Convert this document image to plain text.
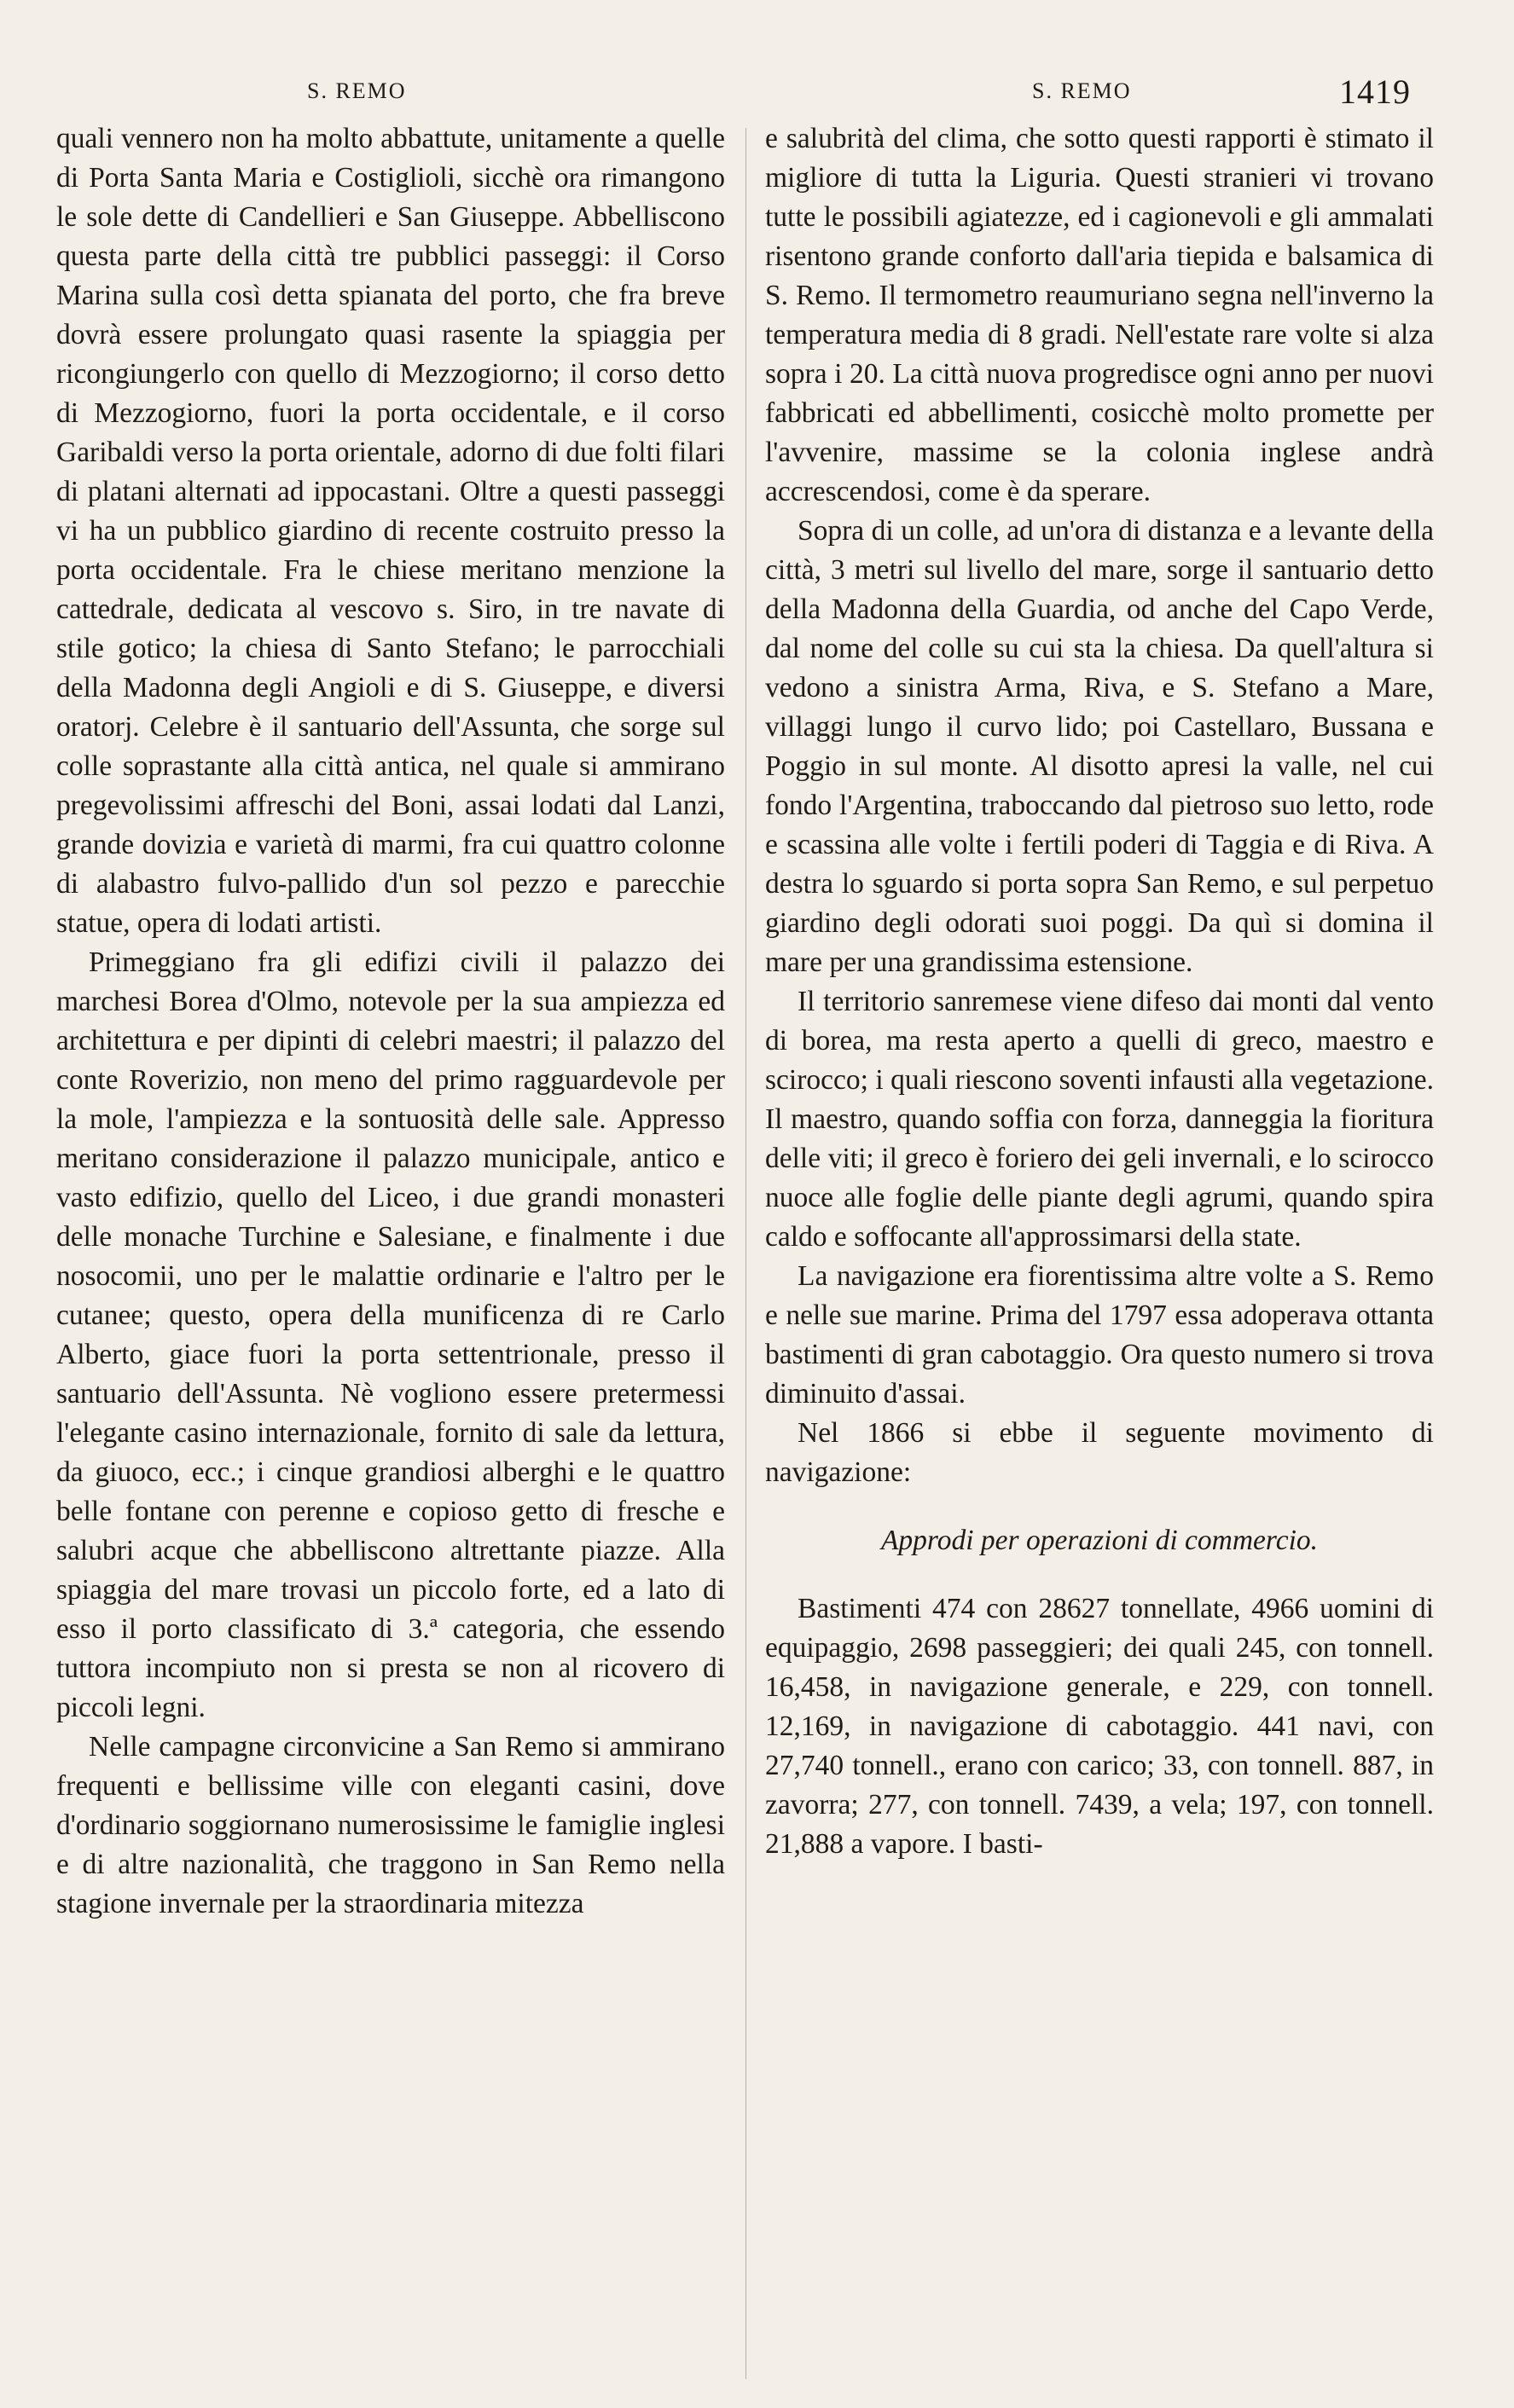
S. REMO	S. REMO	1419

quali vennero non ha molto abbattute, unitamente a quelle di Porta Santa Maria e Costiglioli, sicchè ora rimangono le sole dette di Candellieri e San Giuseppe. Abbelliscono questa parte della città tre pubblici passeggi: il Corso Marina sulla così detta spianata del porto, che fra breve dovrà essere prolungato quasi rasente la spiaggia per ricongiungerlo con quello di Mezzogiorno; il corso detto di Mezzogiorno, fuori la porta occidentale, e il corso Garibaldi verso la porta orientale, adorno di due folti filari di platani alternati ad ippocastani. Oltre a questi passeggi vi ha un pubblico giardino di recente costruito presso la porta occidentale. Fra le chiese meritano menzione la cattedrale, dedicata al vescovo s. Siro, in tre navate di stile gotico; la chiesa di Santo Stefano; le parrocchiali della Madonna degli Angioli e di S. Giuseppe, e diversi oratorj. Celebre è il santuario dell'Assunta, che sorge sul colle soprastante alla città antica, nel quale si ammirano pregevolissimi affreschi del Boni, assai lodati dal Lanzi, grande dovizia e varietà di marmi, fra cui quattro colonne di alabastro fulvo-pallido d'un sol pezzo e parecchie statue, opera di lodati artisti.

Primeggiano fra gli edifizi civili il palazzo dei marchesi Borea d'Olmo, notevole per la sua ampiezza ed architettura e per dipinti di celebri maestri; il palazzo del conte Roverizio, non meno del primo ragguardevole per la mole, l'ampiezza e la sontuosità delle sale. Appresso meritano considerazione il palazzo municipale, antico e vasto edifizio, quello del Liceo, i due grandi monasteri delle monache Turchine e Salesiane, e finalmente i due nosocomii, uno per le malattie ordinarie e l'altro per le cutanee; questo, opera della munificenza di re Carlo Alberto, giace fuori la porta settentrionale, presso il santuario dell'Assunta. Nè vogliono essere pretermessi l'elegante casino internazionale, fornito di sale da lettura, da giuoco, ecc.; i cinque grandiosi alberghi e le quattro belle fontane con perenne e copioso getto di fresche e salubri acque che abbelliscono altrettante piazze. Alla spiaggia del mare trovasi un piccolo forte, ed a lato di esso il porto classificato di 3.ª categoria, che essendo tuttora incompiuto non si presta se non al ricovero di piccoli legni.

Nelle campagne circonvicine a San Remo si ammirano frequenti e bellissime ville con eleganti casini, dove d'ordinario soggiornano numerosissime le famiglie inglesi e di altre nazionalità, che traggono in San Remo nella stagione invernale per la straordinaria mitezza

e salubrità del clima, che sotto questi rapporti è stimato il migliore di tutta la Liguria. Questi stranieri vi trovano tutte le possibili agiatezze, ed i cagionevoli e gli ammalati risentono grande conforto dall'aria tiepida e balsamica di S. Remo. Il termometro reaumuriano segna nell'inverno la temperatura media di 8 gradi. Nell'estate rare volte si alza sopra i 20. La città nuova progredisce ogni anno per nuovi fabbricati ed abbellimenti, cosicchè molto promette per l'avvenire, massime se la colonia inglese andrà accrescendosi, come è da sperare.

Sopra di un colle, ad un'ora di distanza e a levante della città, 3 metri sul livello del mare, sorge il santuario detto della Madonna della Guardia, od anche del Capo Verde, dal nome del colle su cui sta la chiesa. Da quell'altura si vedono a sinistra Arma, Riva, e S. Stefano a Mare, villaggi lungo il curvo lido; poi Castellaro, Bussana e Poggio in sul monte. Al disotto apresi la valle, nel cui fondo l'Argentina, traboccando dal pietroso suo letto, rode e scassina alle volte i fertili poderi di Taggia e di Riva. A destra lo sguardo si porta sopra San Remo, e sul perpetuo giardino degli odorati suoi poggi. Da quì si domina il mare per una grandissima estensione.

Il territorio sanremese viene difeso dai monti dal vento di borea, ma resta aperto a quelli di greco, maestro e scirocco; i quali riescono soventi infausti alla vegetazione. Il maestro, quando soffia con forza, danneggia la fioritura delle viti; il greco è foriero dei geli invernali, e lo scirocco nuoce alle foglie delle piante degli agrumi, quando spira caldo e soffocante all'approssimarsi della state.

La navigazione era fiorentissima altre volte a S. Remo e nelle sue marine. Prima del 1797 essa adoperava ottanta bastimenti di gran cabotaggio. Ora questo numero si trova diminuito d'assai.

Nel 1866 si ebbe il seguente movimento di navigazione:

Approdi per operazioni di commercio.

Bastimenti 474 con 28627 tonnellate, 4966 uomini di equipaggio, 2698 passeggieri; dei quali 245, con tonnell. 16,458, in navigazione generale, e 229, con tonnell. 12,169, in navigazione di cabotaggio. 441 navi, con 27,740 tonnell., erano con carico; 33, con tonnell. 887, in zavorra; 277, con tonnell. 7439, a vela; 197, con tonnell. 21,888 a vapore. I basti-
